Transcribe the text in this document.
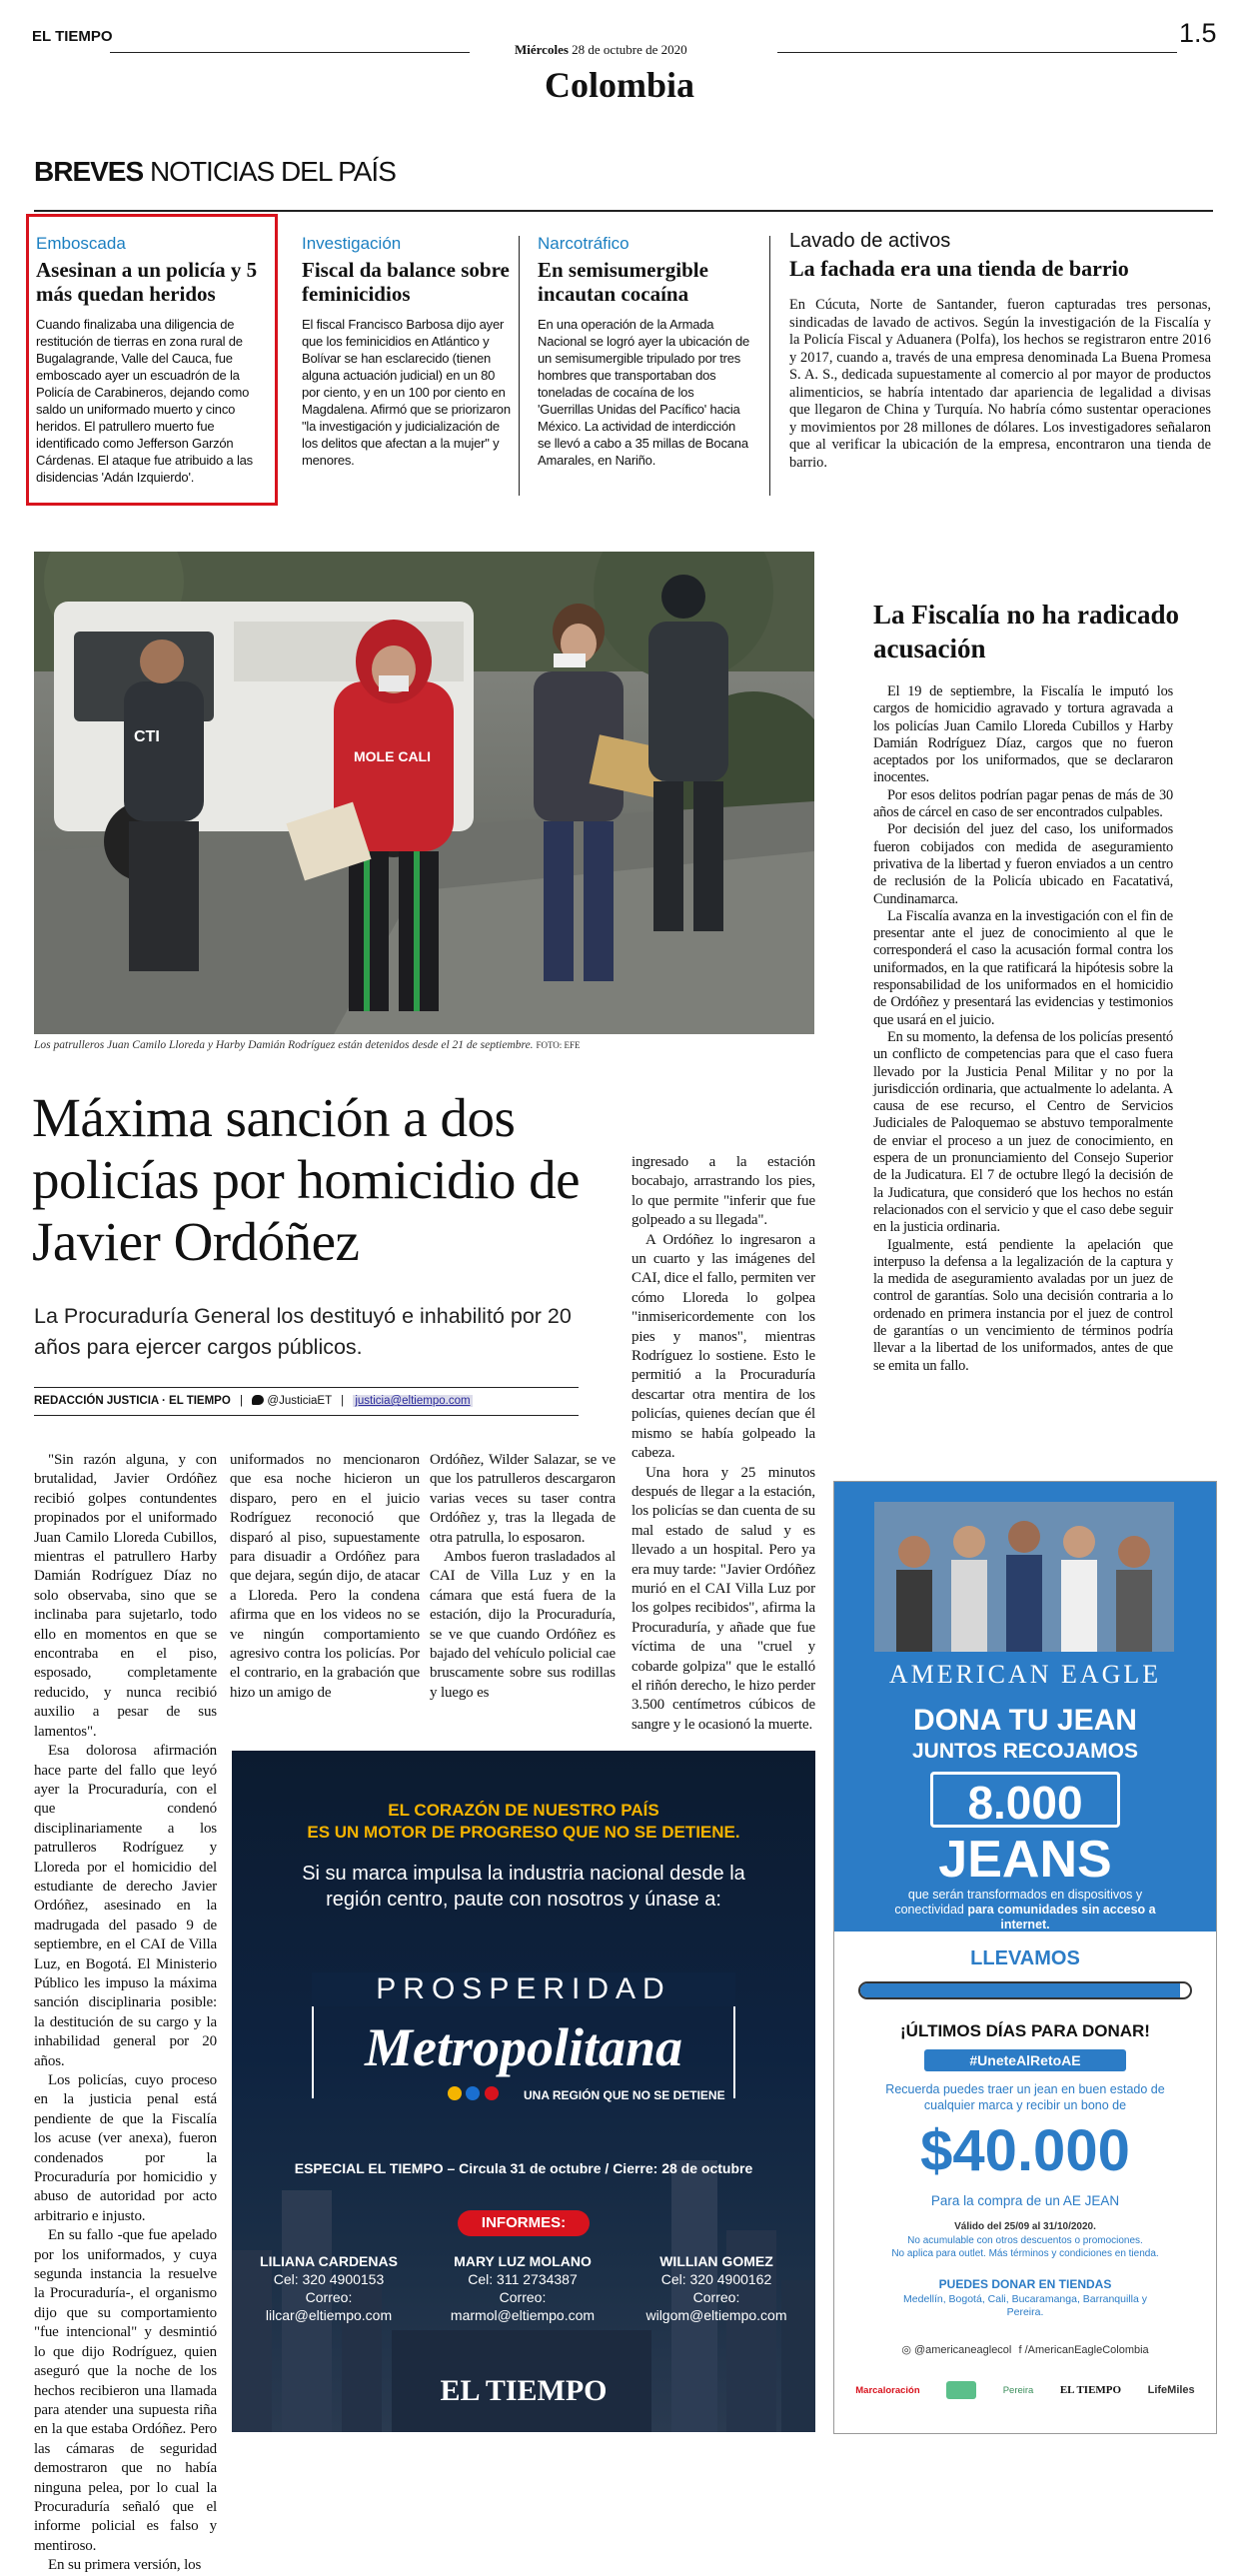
EL TIEMPO
Miércoles 28 de octubre de 2020
1.5
Colombia
BREVES NOTICIAS DEL PAÍS
Emboscada
Asesinan a un policía y 5 más quedan heridos
Cuando finalizaba una diligencia de restitución de tierras en zona rural de Bugalagrande, Valle del Cauca, fue emboscado ayer un escuadrón de la Policía de Carabineros, dejando como saldo un uniformado muerto y cinco heridos. El patrullero muerto fue identificado como Jefferson Garzón Cárdenas. El ataque fue atribuido a las disidencias 'Adán Izquierdo'.
Investigación
Fiscal da balance sobre feminicidios
El fiscal Francisco Barbosa dijo ayer que los feminicidios en Atlántico y Bolívar se han esclarecido (tienen alguna actuación judicial) en un 80 por ciento, y en un 100 por ciento en Magdalena. Afirmó que se priorizaron "la investigación y judicialización de los delitos que afectan a la mujer" y menores.
Narcotráfico
En semisumergible incautan cocaína
En una operación de la Armada Nacional se logró ayer la ubicación de un semisumergible tripulado por tres hombres que transportaban dos toneladas de cocaína de los 'Guerrillas Unidas del Pacífico' hacia México. La actividad de interdicción se llevó a cabo a 35 millas de Bocana Amarales, en Nariño.
Lavado de activos
La fachada era una tienda de barrio
En Cúcuta, Norte de Santander, fueron capturadas tres personas, sindicadas de lavado de activos. Según la investigación de la Fiscalía y la Policía Fiscal y Aduanera (Polfa), los hechos se registraron entre 2016 y 2017, cuando a, través de una empresa denominada La Buena Promesa S. A. S., dedicada supuestamente al comercio al por mayor de productos alimenticios, se habría intentado dar apariencia de legalidad a divisas que llegaron de China y Turquía. No habría cómo sustentar operaciones y movimientos por 28 millones de dólares. Los investigadores señalaron que al verificar la ubicación de la empresa, encontraron una tienda de barrio.
CTI
MOLE CALI
Los patrulleros Juan Camilo Lloreda y Harby Damián Rodríguez están detenidos desde el 21 de septiembre. FOTO: EFE
Máxima sanción a dos policías por homicidio de Javier Ordóñez
La Procuraduría General los destituyó e inhabilitó por 20 años para ejercer cargos públicos.
REDACCIÓN JUSTICIA · EL TIEMPO | @JusticiaET | justicia@eltiempo.com

"Sin razón alguna, y con brutalidad, Javier Ordóñez recibió golpes contundentes propinados por el uniformado Juan Camilo Lloreda Cubillos, mientras el patrullero Harby Damián Rodríguez Díaz no solo observaba, sino que se inclinaba para sujetarlo, todo ello en momentos en que se encontraba en el piso, esposado, completamente reducido, y nunca recibió auxilio a pesar de sus lamentos".

Esa dolorosa afirmación hace parte del fallo que leyó ayer la Procuraduría, con el que condenó disciplinariamente a los patrulleros Rodríguez y Lloreda por el homicidio del estudiante de derecho Javier Ordóñez, asesinado en la madrugada del pasado 9 de septiembre, en el CAI de Villa Luz, en Bogotá. El Ministerio Público les impuso la máxima sanción disciplinaria posible: la destitución de su cargo y la inhabilidad general por 20 años.

Los policías, cuyo proceso en la justicia penal está pendiente de que la Fiscalía los acuse (ver anexa), fueron condenados por la Procuraduría por homicidio y abuso de autoridad por acto arbitrario e injusto.

En su fallo -que fue apelado por los uniformados, y cuya segunda instancia la resuelve la Procuraduría-, el organismo dijo que su comportamiento "fue intencional" y desmintió lo que dijo Rodríguez, quien aseguró que la noche de los hechos recibieron una llamada para atender una supuesta riña en la que estaba Ordóñez. Pero las cámaras de seguridad demostraron que no había ninguna pelea, por lo cual la Procuraduría señaló que el informe policial es falso y mentiroso.

En su primera versión, los

uniformados no mencionaron que esa noche hicieron un disparo, pero en el juicio Rodríguez reconoció que disparó al piso, supuestamente para disuadir a Ordóñez para que dejara, según dijo, de atacar a Lloreda. Pero la condena afirma que en los videos no se ve ningún comportamiento agresivo contra los policías. Por el contrario, en la grabación que hizo un amigo de

Ordóñez, Wilder Salazar, se ve que los patrulleros descargaron varias veces su taser contra Ordóñez y, tras la llegada de otra patrulla, lo esposaron.

Ambos fueron trasladados al CAI de Villa Luz y en la cámara que está fuera de la estación, dijo la Procuraduría, se ve que cuando Ordóñez es bajado del vehículo policial cae bruscamente sobre sus rodillas y luego es

ingresado a la estación bocabajo, arrastrando los pies, lo que permite "inferir que fue golpeado a su llegada".

A Ordóñez lo ingresaron a un cuarto y las imágenes del CAI, dice el fallo, permiten ver cómo Lloreda lo golpea "inmisericordemente con los pies y manos", mientras Rodríguez lo sostiene. Esto le permitió a la Procuraduría descartar otra mentira de los policías, quienes decían que él mismo se había golpeado la cabeza.

Una hora y 25 minutos después de llegar a la estación, los policías se dan cuenta de su mal estado de salud y es llevado a un hospital. Pero ya era muy tarde: "Javier Ordóñez murió en el CAI Villa Luz por los golpes recibidos", afirma la Procuraduría, y añade que fue víctima de una "cruel y cobarde golpiza" que le estalló el riñón derecho, le hizo perder 3.500 centímetros cúbicos de sangre y le ocasionó la muerte.

La Fiscalía no ha radicado acusación

El 19 de septiembre, la Fiscalía le imputó los cargos de homicidio agravado y tortura agravada a los policías Juan Camilo Lloreda Cubillos y Harby Damián Rodríguez Díaz, cargos que no fueron aceptados por los uniformados, que se declararon inocentes.

Por esos delitos podrían pagar penas de más de 30 años de cárcel en caso de ser encontrados culpables.

Por decisión del juez del caso, los uniformados fueron cobijados con medida de aseguramiento privativa de la libertad y fueron enviados a un centro de reclusión de la Policía ubicado en Facatativá, Cundinamarca.

La Fiscalía avanza en la investigación con el fin de presentar ante el juez de conocimiento al que le corresponderá el caso la acusación formal contra los uniformados, en la que ratificará la hipótesis sobre la responsabilidad de los uniformados en el homicidio de Ordóñez y presentará las evidencias y testimonios que usará en el juicio.

En su momento, la defensa de los policías presentó un conflicto de competencias para que el caso fuera llevado por la Justicia Penal Militar y no por la jurisdicción ordinaria, que actualmente lo adelanta. A causa de ese recurso, el Centro de Servicios Judiciales de Paloquemao se abstuvo temporalmente de enviar el proceso a un juez de conocimiento, en espera de un pronunciamiento del Consejo Superior de la Judicatura. El 7 de octubre llegó la decisión de la Judicatura, que consideró que los hechos no están relacionados con el servicio y que el caso debe seguir en la justicia ordinaria.

Igualmente, está pendiente la apelación que interpuso la defensa a la legalización de la captura y la medida de aseguramiento avaladas por un juez de control de garantías. Solo una decisión contraria a lo ordenado en primera instancia por el juez de control de garantías o un vencimiento de términos podría llevar a la libertad de los uniformados, antes de que se emita un fallo.

EL CORAZÓN DE NUESTRO PAÍS
ES UN MOTOR DE PROGRESO QUE NO SE DETIENE.
Si su marca impulsa la industria nacional desde la región centro, paute con nosotros y únase a:
PROSPERIDAD
Metropolitana

UNA REGIÓN QUE NO SE DETIENE
ESPECIAL EL TIEMPO – Circula 31 de octubre / Cierre: 28 de octubre
INFORMES:
LILIANA CARDENAS
Cel: 320 4900153
Correo:
lilcar@eltiempo.com
MARY LUZ MOLANO
Cel: 311 2734387
Correo:
marmol@eltiempo.com
WILLIAN GOMEZ
Cel: 320 4900162
Correo:
wilgom@eltiempo.com
EL TIEMPO
AMERICAN EAGLE
DONA TU JEAN
JUNTOS RECOJAMOS
8.000
JEANS
que serán transformados en dispositivos y conectividad para comunidades sin acceso a internet.
LLEVAMOS
¡ÚLTIMOS DÍAS PARA DONAR!
#UneteAlRetoAE
Recuerda puedes traer un jean en buen estado de cualquier marca y recibir un bono de
$40.000
Para la compra de un AE JEAN
Válido del 25/09 al 31/10/2020.
No acumulable con otros descuentos o promociones.
No aplica para outlet. Más términos y condiciones en tienda.
PUEDES DONAR EN TIENDAS
Medellín, Bogotá, Cali, Bucaramanga, Barranquilla y Pereira.
◎ @americaneaglecol f /AmericanEagleColombia
Marcaloración	Pereira EL TIEMPO LifeMiles
